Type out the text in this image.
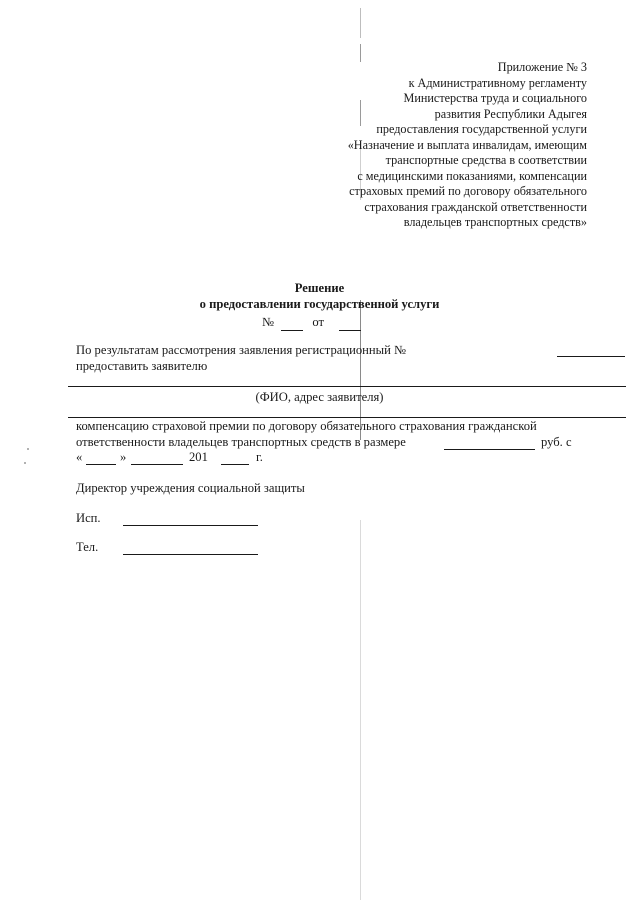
Приложение № 3
к Административному регламенту
Министерства труда и социального
развития Республики Адыгея
предоставления государственной услуги
«Назначение и выплата инвалидам, имеющим
транспортные средства в соответствии
с медицинскими показаниями, компенсации
страховых премий по договору обязательного
страхования гражданской ответственности
владельцев транспортных средств»
Решение
о предоставлении государственной услуги
№	от
По результатам рассмотрения заявления регистрационный №
предоставить заявителю
(ФИО, адрес заявителя)
компенсацию страховой премии по договору обязательного страхования гражданской
ответственности владельцев транспортных средств в размере	руб. с
«	»	201	г.
Директор учреждения социальной защиты
Исп.
Тел.
